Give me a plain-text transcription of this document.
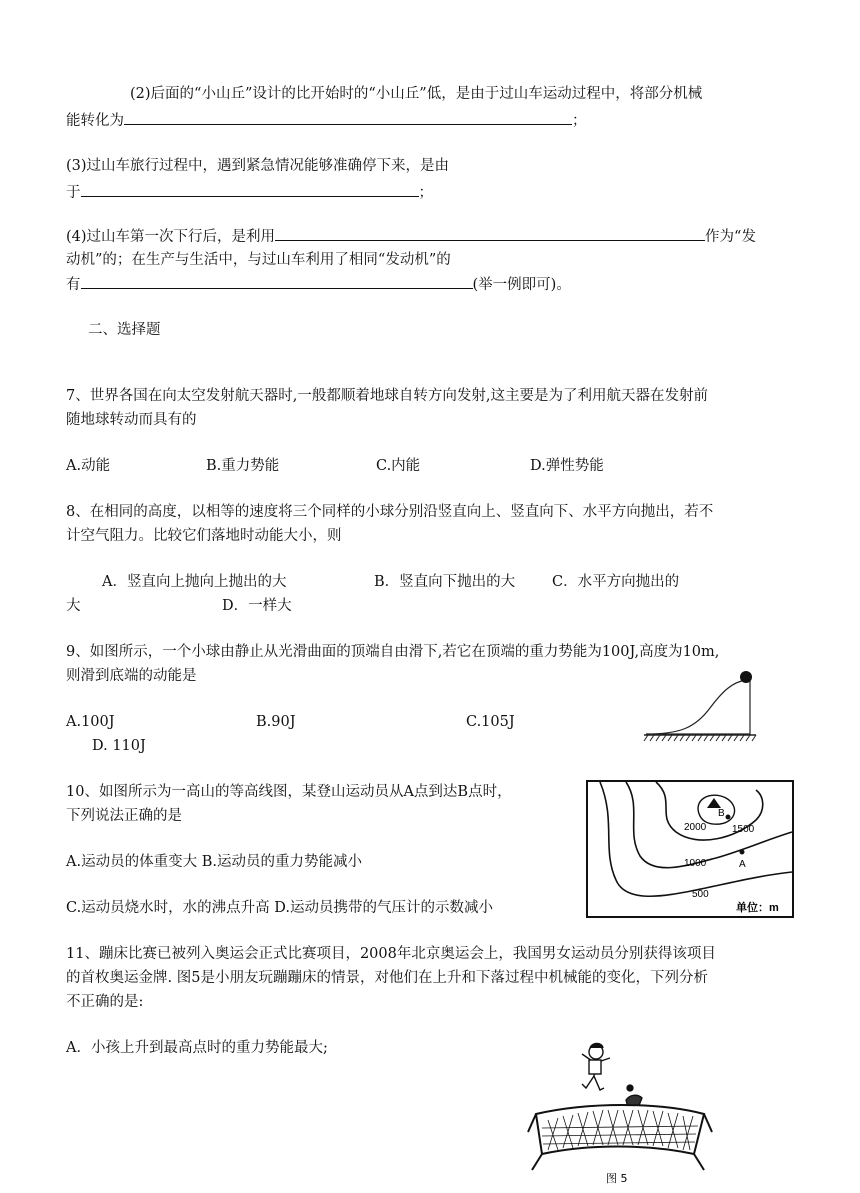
(2)后面的“小山丘”设计的比开始时的“小山丘”低，是由于过山车运动过程中，将部分机械
能转化为	；
(3)过山车旅行过程中，遇到紧急情况能够准确停下来，是由
于	；
(4)过山车第一次下行后，是利用	作为“发
动机”的；在生产与生活中，与过山车利用了相同“发动机”的
有	(举一例即可)。
二、选择题
7、世界各国在向太空发射航天器时,一般都顺着地球自转方向发射,这主要是为了利用航天器在发射前
随地球转动而具有的
A.动能	B.重力势能	C.内能	D.弹性势能
8、在相同的高度，以相等的速度将三个同样的小球分别沿竖直向上、竖直向下、水平方向抛出，若不
计空气阻力。比较它们落地时动能大小，则
A．竖直向上抛向上抛出的大	B．竖直向下抛出的大	C．水平方向抛出的
大	D．一样大
9、如图所示，一个小球由静止从光滑曲面的顶端自由滑下,若它在顶端的重力势能为100J,高度为10m,
则滑到底端的动能是
A.100J	B.90J	C.105J
D. 110J
10、如图所示为一高山的等高线图，某登山运动员从A点到达B点时，
下列说法正确的是
A.运动员的体重变大 B.运动员的重力势能减小
C.运动员烧水时，水的沸点升高 D.运动员携带的气压计的示数减小
2000	1500
1000
500
B
A
单位：m
11、蹦床比赛已被列入奥运会正式比赛项目，2008年北京奥运会上，我国男女运动员分别获得该项目
的首枚奥运金牌. 图5是小朋友玩蹦蹦床的情景，对他们在上升和下落过程中机械能的变化，下列分析
不正确的是:
A．小孩上升到最高点时的重力势能最大;
图 5
